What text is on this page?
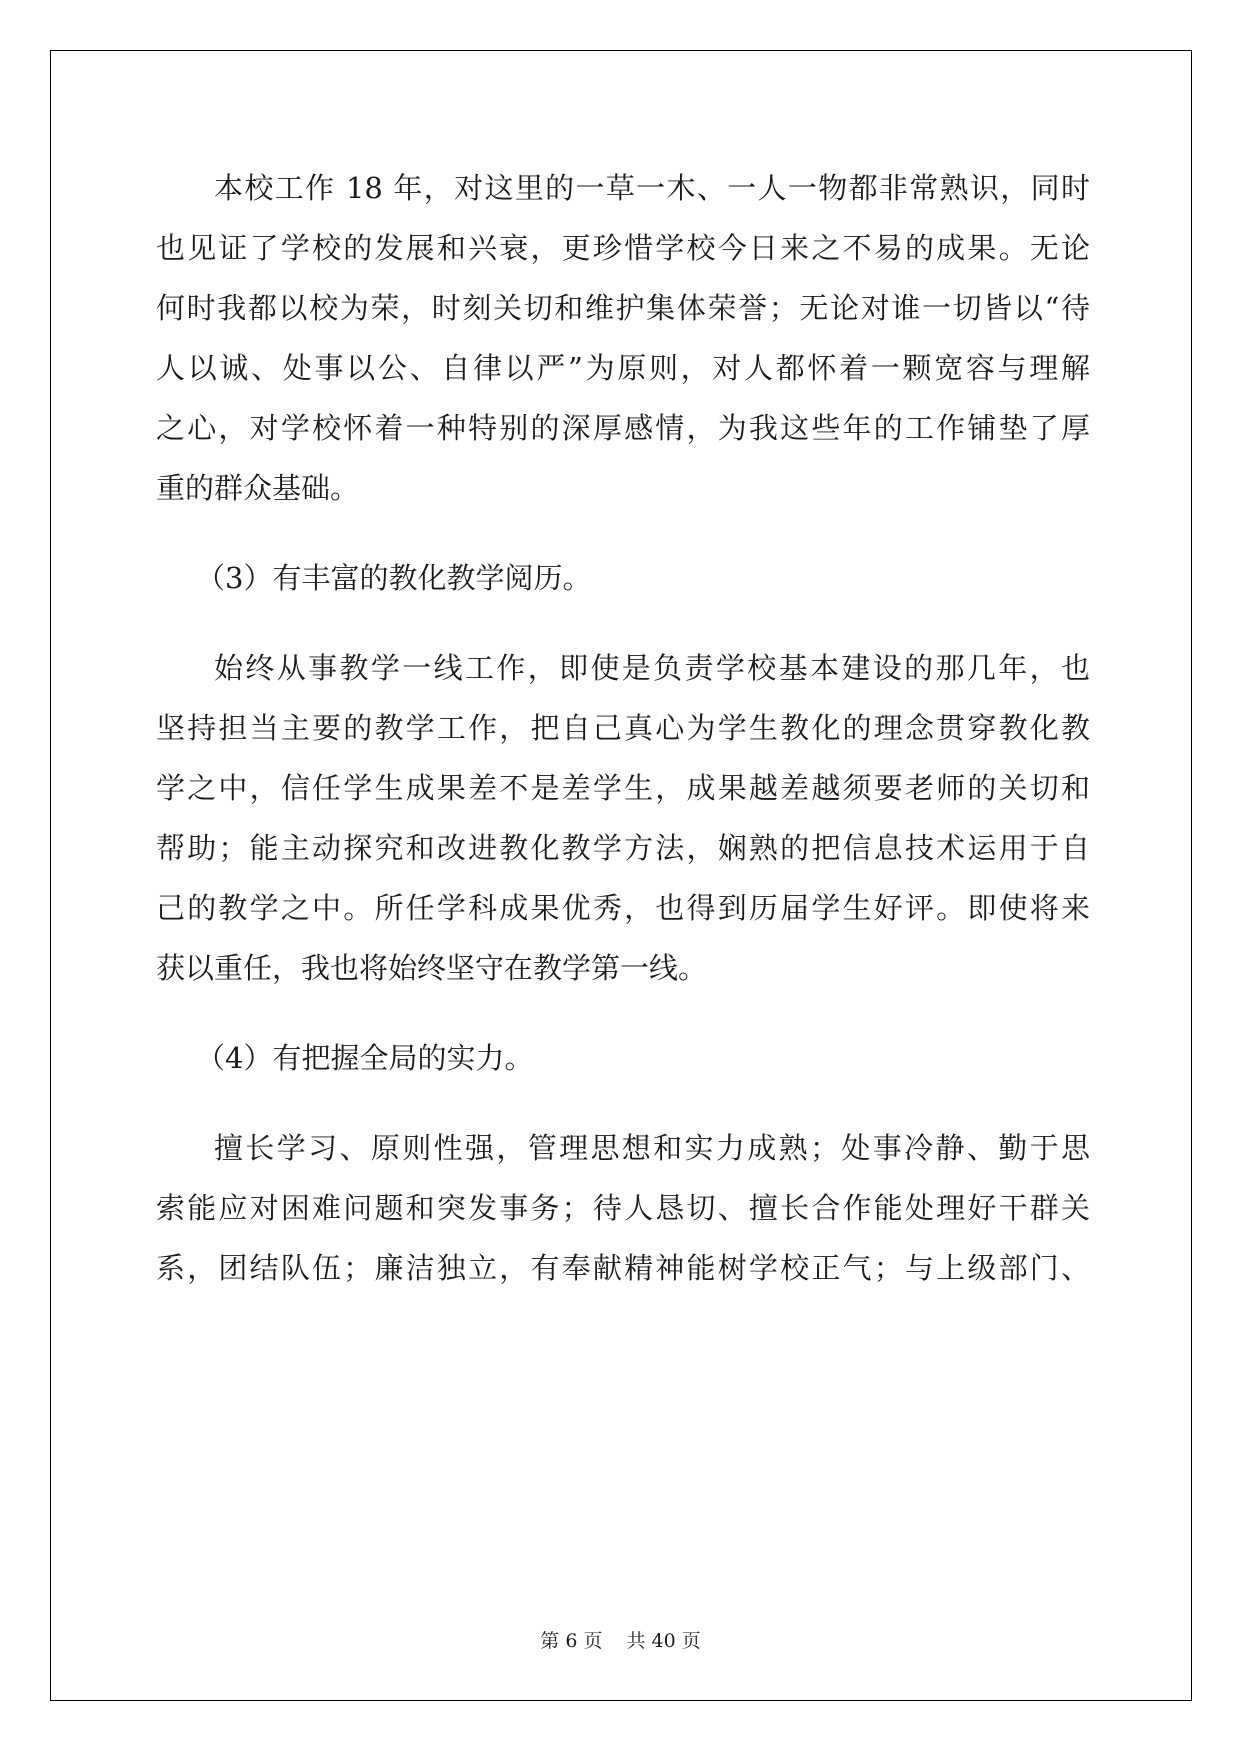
本校工作 18 年，对这里的一草一木、一人一物都非常熟识，同时
也见证了学校的发展和兴衰，更珍惜学校今日来之不易的成果。无论
何时我都以校为荣，时刻关切和维护集体荣誉；无论对谁一切皆以“待
人以诚、处事以公、自律以严”为原则，对人都怀着一颗宽容与理解
之心，对学校怀着一种特别的深厚感情，为我这些年的工作铺垫了厚
重的群众基础。
（3）有丰富的教化教学阅历。
始终从事教学一线工作，即使是负责学校基本建设的那几年，也
坚持担当主要的教学工作，把自己真心为学生教化的理念贯穿教化教
学之中，信任学生成果差不是差学生，成果越差越须要老师的关切和
帮助；能主动探究和改进教化教学方法，娴熟的把信息技术运用于自
己的教学之中。所任学科成果优秀，也得到历届学生好评。即使将来
获以重任，我也将始终坚守在教学第一线。
（4）有把握全局的实力。
擅长学习、原则性强，管理思想和实力成熟；处事冷静、勤于思
索能应对困难问题和突发事务；待人恳切、擅长合作能处理好干群关
系，团结队伍；廉洁独立，有奉献精神能树学校正气；与上级部门、
第 6 页 共 40 页
